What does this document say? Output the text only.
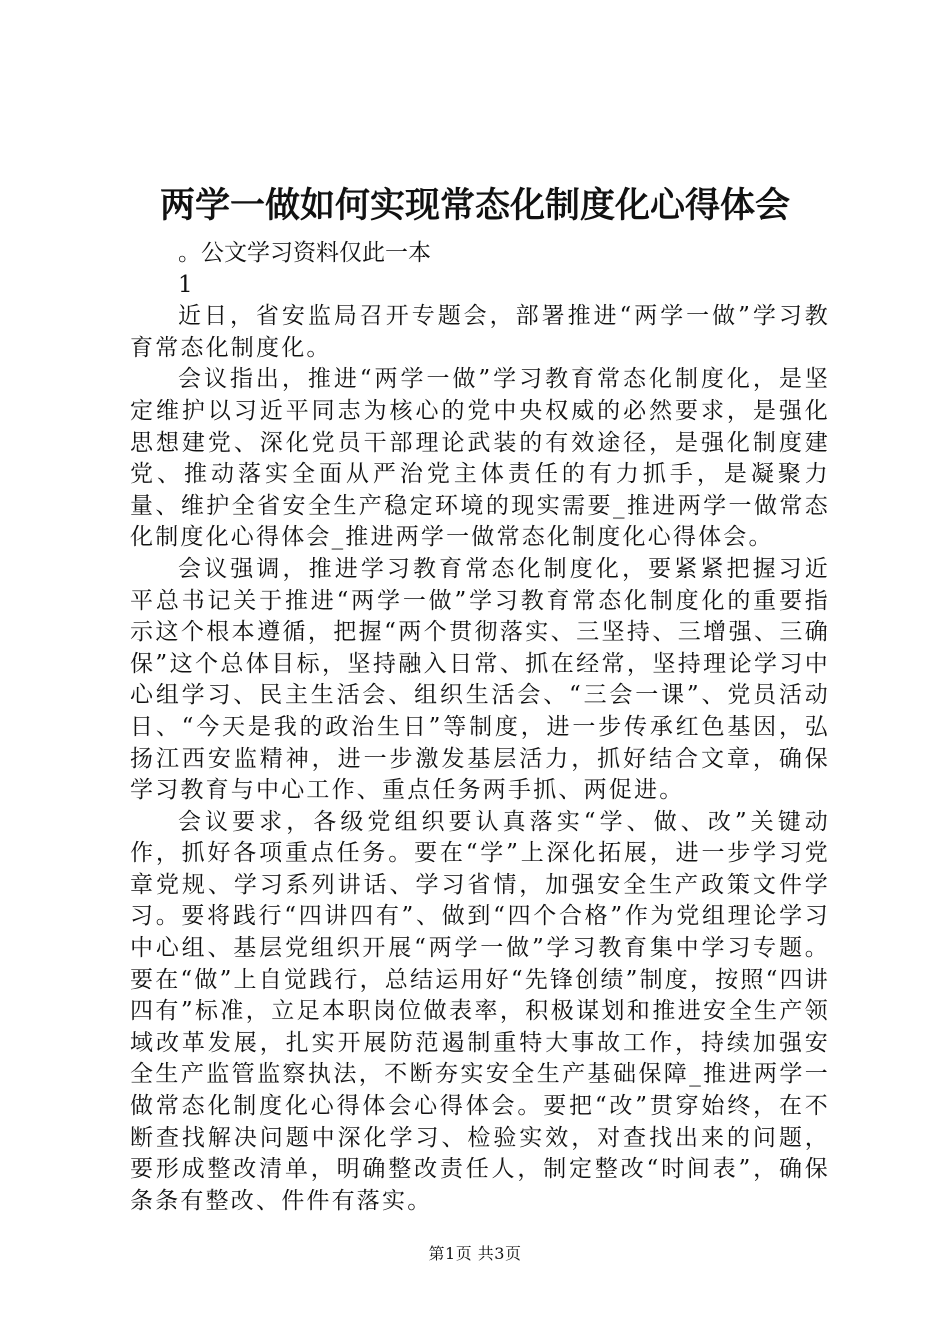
两学一做如何实现常态化制度化心得体会

。公文学习资料仅此一本

1

近日，省安监局召开专题会，部署推进“两学一做”学习教育常态化制度化。

会议指出，推进“两学一做”学习教育常态化制度化，是坚定维护以习近平同志为核心的党中央权威的必然要求，是强化思想建党、深化党员干部理论武装的有效途径，是强化制度建党、推动落实全面从严治党主体责任的有力抓手，是凝聚力量、维护全省安全生产稳定环境的现实需要_推进两学一做常态化制度化心得体会_推进两学一做常态化制度化心得体会。

会议强调，推进学习教育常态化制度化，要紧紧把握习近平总书记关于推进“两学一做”学习教育常态化制度化的重要指示这个根本遵循，把握“两个贯彻落实、三坚持、三增强、三确保”这个总体目标，坚持融入日常、抓在经常，坚持理论学习中心组学习、民主生活会、组织生活会、“三会一课”、党员活动日、“今天是我的政治生日”等制度，进一步传承红色基因，弘扬江西安监精神，进一步激发基层活力，抓好结合文章，确保学习教育与中心工作、重点任务两手抓、两促进。

会议要求，各级党组织要认真落实“学、做、改”关键动作，抓好各项重点任务。要在“学”上深化拓展，进一步学习党章党规、学习系列讲话、学习省情，加强安全生产政策文件学习。要将践行“四讲四有”、做到“四个合格”作为党组理论学习中心组、基层党组织开展“两学一做”学习教育集中学习专题。要在“做”上自觉践行，总结运用好“先锋创绩”制度，按照“四讲四有”标准，立足本职岗位做表率，积极谋划和推进安全生产领域改革发展，扎实开展防范遏制重特大事故工作，持续加强安全生产监管监察执法，不断夯实安全生产基础保障_推进两学一做常态化制度化心得体会心得体会。要把“改”贯穿始终，在不断查找解决问题中深化学习、检验实效，对查找出来的问题，要形成整改清单，明确整改责任人，制定整改“时间表”，确保条条有整改、件件有落实。

第1页 共3页
